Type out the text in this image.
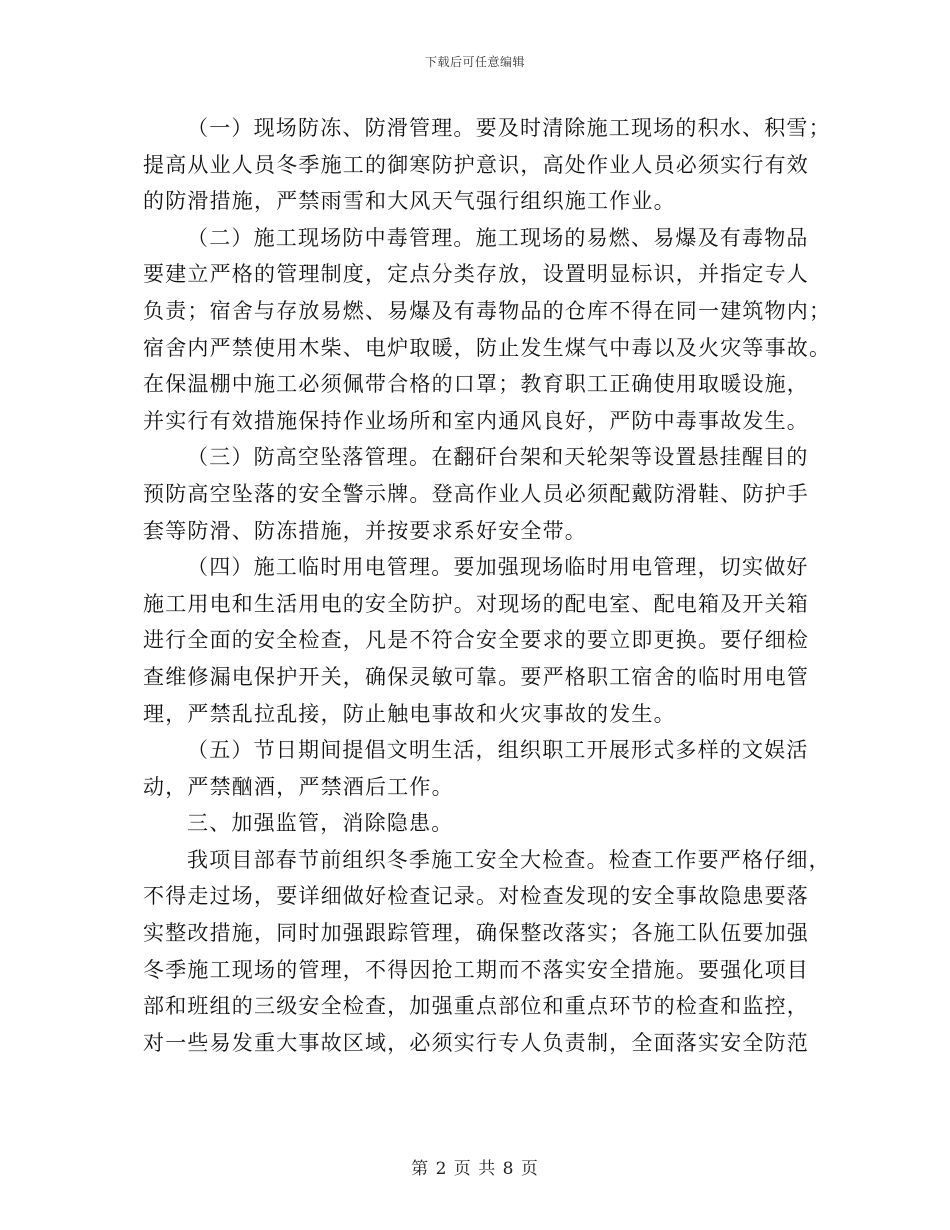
下载后可任意编辑
（一）现场防冻、防滑管理。要及时清除施工现场的积水、积雪；
提高从业人员冬季施工的御寒防护意识，高处作业人员必须实行有效
的防滑措施，严禁雨雪和大风天气强行组织施工作业。
（二）施工现场防中毒管理。施工现场的易燃、易爆及有毒物品
要建立严格的管理制度，定点分类存放，设置明显标识，并指定专人
负责；宿舍与存放易燃、易爆及有毒物品的仓库不得在同一建筑物内；
宿舍内严禁使用木柴、电炉取暖，防止发生煤气中毒以及火灾等事故。
在保温棚中施工必须佩带合格的口罩；教育职工正确使用取暖设施，
并实行有效措施保持作业场所和室内通风良好，严防中毒事故发生。
（三）防高空坠落管理。在翻矸台架和天轮架等设置悬挂醒目的
预防高空坠落的安全警示牌。登高作业人员必须配戴防滑鞋、防护手
套等防滑、防冻措施，并按要求系好安全带。
（四）施工临时用电管理。要加强现场临时用电管理，切实做好
施工用电和生活用电的安全防护。对现场的配电室、配电箱及开关箱
进行全面的安全检查，凡是不符合安全要求的要立即更换。要仔细检
查维修漏电保护开关，确保灵敏可靠。要严格职工宿舍的临时用电管
理，严禁乱拉乱接，防止触电事故和火灾事故的发生。
（五）节日期间提倡文明生活，组织职工开展形式多样的文娱活
动，严禁酗酒，严禁酒后工作。
三、加强监管，消除隐患。
我项目部春节前组织冬季施工安全大检查。检查工作要严格仔细，
不得走过场，要详细做好检查记录。对检查发现的安全事故隐患要落
实整改措施，同时加强跟踪管理，确保整改落实；各施工队伍要加强
冬季施工现场的管理，不得因抢工期而不落实安全措施。要强化项目
部和班组的三级安全检查，加强重点部位和重点环节的检查和监控，
对一些易发重大事故区域，必须实行专人负责制，全面落实安全防范
第 2 页 共 8 页
